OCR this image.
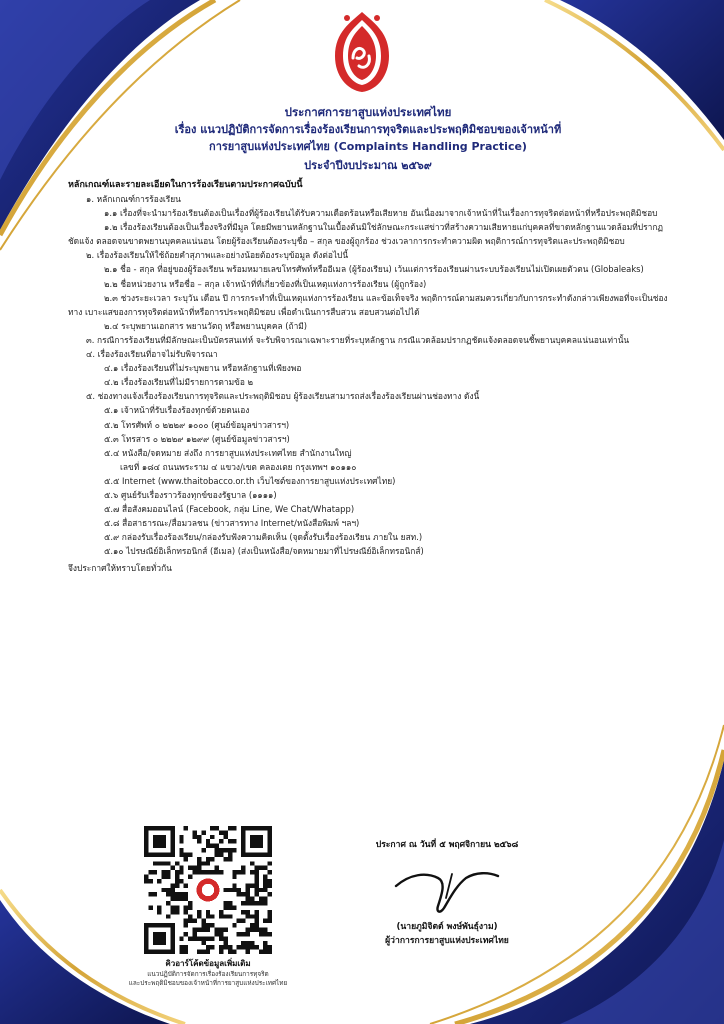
ประกาศการยาสูบแห่งประเทศไทย
เรื่อง แนวปฏิบัติการจัดการเรื่องร้องเรียนการทุจริตและประพฤติมิชอบของเจ้าหน้าที่
การยาสูบแห่งประเทศไทย (Complaints Handling Practice)
ประจำปีงบประมาณ ๒๕๖๙
หลักเกณฑ์และรายละเอียดในการร้องเรียนตามประกาศฉบับนี้
๑. หลักเกณฑ์การร้องเรียน
๑.๑ เรื่องที่จะนำมาร้องเรียนต้องเป็นเรื่องที่ผู้ร้องเรียนได้รับความเดือดร้อนหรือเสียหาย อันเนื่องมาจากเจ้าหน้าที่ในเรื่องการทุจริตต่อหน้าที่หรือประพฤติมิชอบ
๑.๒ เรื่องร้องเรียนต้องเป็นเรื่องจริงที่มีมูล โดยมีพยานหลักฐานในเบื้องต้นมิใช่ลักษณะกระแสข่าวที่สร้างความเสียหายแก่บุคคลที่ขาดหลักฐานแวดล้อมที่ปรากฏชัดแจ้ง ตลอดจนขาดพยานบุคคลแน่นอน โดยผู้ร้องเรียนต้องระบุชื่อ – สกุล ของผู้ถูกร้อง ช่วงเวลาการกระทำความผิด พฤติการณ์การทุจริตและประพฤติมิชอบ
๒. เรื่องร้องเรียนให้ใช้ถ้อยคำสุภาพและอย่างน้อยต้องระบุข้อมูล ดังต่อไปนี้
๒.๑ ชื่อ - สกุล ที่อยู่ของผู้ร้องเรียน พร้อมหมายเลขโทรศัพท์หรืออีเมล (ผู้ร้องเรียน) เว้นแต่การร้องเรียนผ่านระบบร้องเรียนไม่เปิดเผยตัวตน (Globaleaks)
๒.๒ ชื่อหน่วยงาน หรือชื่อ – สกุล เจ้าหน้าที่ที่เกี่ยวข้องที่เป็นเหตุแห่งการร้องเรียน (ผู้ถูกร้อง)
๒.๓ ช่วงระยะเวลา ระบุวัน เดือน ปี การกระทำที่เป็นเหตุแห่งการร้องเรียน และข้อเท็จจริง พฤติการณ์ตามสมควรเกี่ยวกับการกระทำดังกล่าวเพียงพอที่จะเป็นช่องทาง เบาะแสของการทุจริตต่อหน้าที่หรือการประพฤติมิชอบ เพื่อดำเนินการสืบสวน สอบสวนต่อไปได้
๒.๔ ระบุพยานเอกสาร พยานวัตถุ หรือพยานบุคคล (ถ้ามี)
๓. กรณีการร้องเรียนที่มีลักษณะเป็นบัตรสนเท่ห์ จะรับพิจารณาเฉพาะรายที่ระบุหลักฐาน กรณีแวดล้อมปรากฏชัดแจ้งตลอดจนชี้พยานบุคคลแน่นอนเท่านั้น
๔. เรื่องร้องเรียนที่อาจไม่รับพิจารณา
๔.๑ เรื่องร้องเรียนที่ไม่ระบุพยาน หรือหลักฐานที่เพียงพอ
๔.๒ เรื่องร้องเรียนที่ไม่มีรายการตามข้อ ๒
๕. ช่องทางแจ้งเรื่องร้องเรียนการทุจริตและประพฤติมิชอบ ผู้ร้องเรียนสามารถส่งเรื่องร้องเรียนผ่านช่องทาง ดังนี้
๕.๑ เจ้าหน้าที่รับเรื่องร้องทุกข์ด้วยตนเอง
๕.๒ โทรศัพท์ ๐ ๒๒๒๙ ๑๐๐๐ (ศูนย์ข้อมูลข่าวสารฯ)
๕.๓ โทรสาร ๐ ๒๒๒๙ ๑๒๙๙ (ศูนย์ข้อมูลข่าวสารฯ)
๕.๔ หนังสือ/จดหมาย ส่งถึง การยาสูบแห่งประเทศไทย สำนักงานใหญ่
เลขที่ ๑๘๔ ถนนพระราม ๔ แขวง/เขต คลองเตย กรุงเทพฯ ๑๐๑๑๐
๕.๕ Internet (www.thaitobacco.or.th เว็บไซต์ของการยาสูบแห่งประเทศไทย)
๕.๖ ศูนย์รับเรื่องราวร้องทุกข์ของรัฐบาล (๑๑๑๑)
๕.๗ สื่อสังคมออนไลน์ (Facebook, กลุ่ม Line, We Chat/Whatapp)
๕.๘ สื่อสาธารณะ/สื่อมวลชน (ข่าวสารทาง Internet/หนังสือพิมพ์ ฯลฯ)
๕.๙ กล่องรับเรื่องร้องเรียน/กล่องรับฟังความคิดเห็น (จุดตั้งรับเรื่องร้องเรียน ภายใน ยสท.)
๕.๑๐ ไปรษณีย์อิเล็กทรอนิกส์ (อีเมล) (ส่งเป็นหนังสือ/จดหมายมาที่ไปรษณีย์อิเล็กทรอนิกส์)
จึงประกาศให้ทราบโดยทั่วกัน
คิวอาร์โค้ดข้อมูลเพิ่มเติม
แนวปฏิบัติการจัดการเรื่องร้องเรียนการทุจริต
และประพฤติมิชอบของเจ้าหน้าที่การยาสูบแห่งประเทศไทย
ประกาศ ณ วันที่ ๕ พฤศจิกายน ๒๕๖๘
(นายภูมิจิตต์ พงษ์พันธุ์งาม)
ผู้ว่าการการยาสูบแห่งประเทศไทย
